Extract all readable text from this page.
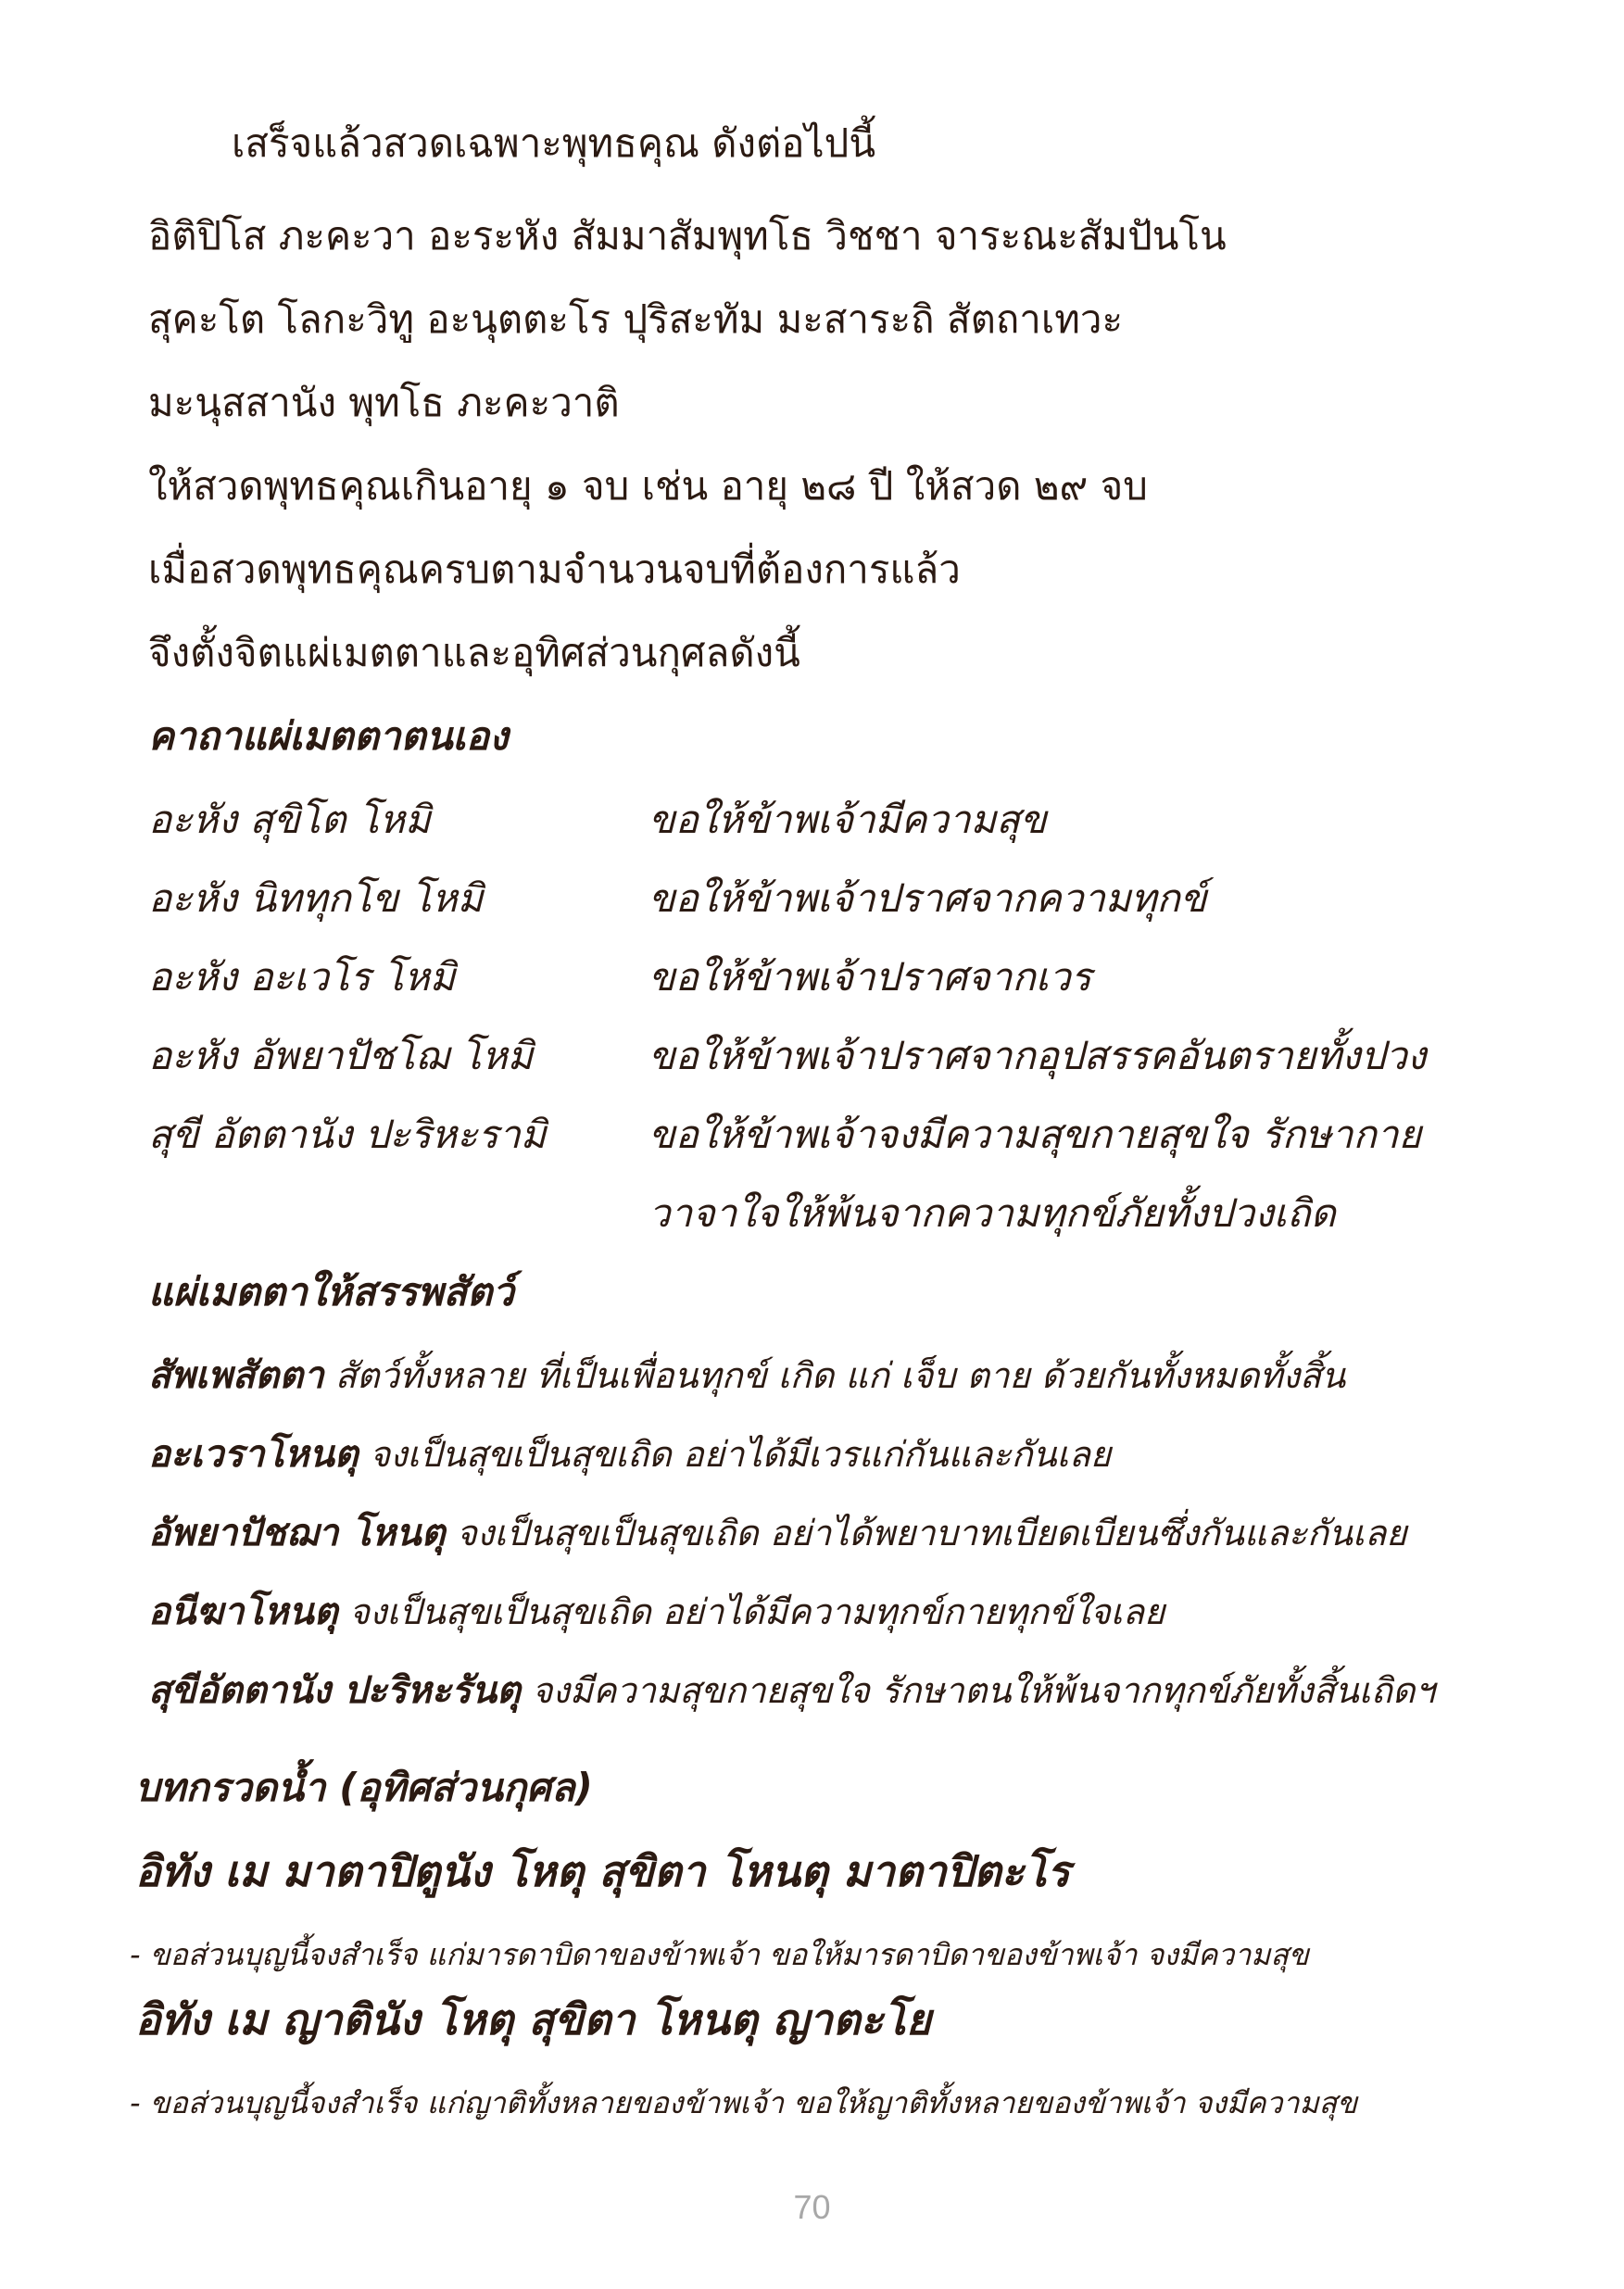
เสร็จแล้วสวดเฉพาะพุทธคุณ ดังต่อไปนี้
อิติปิโส ภะคะวา อะระหัง สัมมาสัมพุทโธ วิชชา จาระณะสัมปันโน
สุคะโต โลกะวิทู อะนุตตะโร ปุริสะทัม มะสาระถิ สัตถาเทวะ
มะนุสสานัง พุทโธ ภะคะวาติ
ให้สวดพุทธคุณเกินอายุ ๑ จบ เช่น อายุ ๒๘ ปี ให้สวด ๒๙ จบ
เมื่อสวดพุทธคุณครบตามจำนวนจบที่ต้องการแล้ว
จึงตั้งจิตแผ่เมตตาและอุทิศส่วนกุศลดังนี้
คาถาแผ่เมตตาตนเอง
อะหัง สุขิโต โหมิ	ขอให้ข้าพเจ้ามีความสุข
อะหัง นิททุกโข โหมิ	ขอให้ข้าพเจ้าปราศจากความทุกข์
อะหัง อะเวโร โหมิ	ขอให้ข้าพเจ้าปราศจากเวร
อะหัง อัพยาปัชโฌ โหมิ	ขอให้ข้าพเจ้าปราศจากอุปสรรคอันตรายทั้งปวง
สุขี อัตตานัง ปะริหะรามิ	ขอให้ข้าพเจ้าจงมีความสุขกายสุขใจ รักษากาย
วาจาใจให้พ้นจากความทุกข์ภัยทั้งปวงเถิด
แผ่เมตตาให้สรรพสัตว์
สัพเพสัตตา สัตว์ทั้งหลาย ที่เป็นเพื่อนทุกข์ เกิด แก่ เจ็บ ตาย ด้วยกันทั้งหมดทั้งสิ้น
อะเวราโหนตุ จงเป็นสุขเป็นสุขเถิด อย่าได้มีเวรแก่กันและกันเลย
อัพยาปัชฌา โหนตุ จงเป็นสุขเป็นสุขเถิด อย่าได้พยาบาทเบียดเบียนซึ่งกันและกันเลย
อนีฆาโหนตุ จงเป็นสุขเป็นสุขเถิด อย่าได้มีความทุกข์กายทุกข์ใจเลย
สุขีอัตตานัง ปะริหะรันตุ จงมีความสุขกายสุขใจ รักษาตนให้พ้นจากทุกข์ภัยทั้งสิ้นเถิดฯ
บทกรวดน้ำ (อุทิศส่วนกุศล)
อิทัง เม มาตาปิตูนัง โหตุ สุขิตา โหนตุ มาตาปิตะโร
- ขอส่วนบุญนี้จงสำเร็จ แก่มารดาบิดาของข้าพเจ้า ขอให้มารดาบิดาของข้าพเจ้า จงมีความสุข
อิทัง เม ญาตินัง โหตุ สุขิตา โหนตุ ญาตะโย
- ขอส่วนบุญนี้จงสำเร็จ แก่ญาติทั้งหลายของข้าพเจ้า ขอให้ญาติทั้งหลายของข้าพเจ้า จงมีความสุข
70
